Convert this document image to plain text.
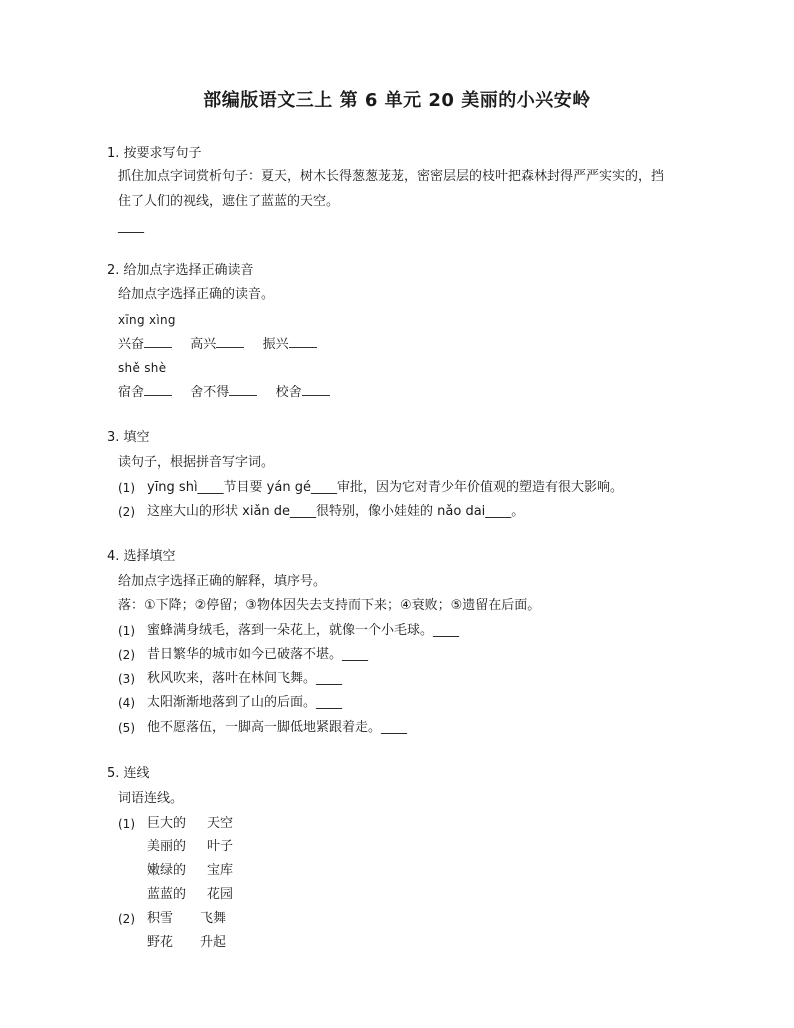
部编版语文三上 第 6 单元 20 美丽的小兴安岭
1. 按要求写句子
抓住加点字词赏析句子：夏天，树木长得葱葱茏茏，密密层层的枝叶把森林封得严严实实的，挡
住了人们的视线，遮住了蓝蓝的天空。
____
2. 给加点字选择正确读音
给加点字选择正确的读音。
xīng xìng
兴奋	高兴	振兴
shě shè
宿舍	舍不得	校舍
3. 填空
读句子，根据拼音写字词。
(1) yīng shì____节目要 yán gé____审批，因为它对青少年价值观的塑造有很大影响。
(2) 这座大山的形状 xiǎn de____很特别，像小娃娃的 nǎo dai____。
4. 选择填空
给加点字选择正确的解释，填序号。
落：①下降；②停留；③物体因失去支持而下来；④衰败；⑤遗留在后面。
(1) 蜜蜂满身绒毛，落到一朵花上，就像一个小毛球。____
(2) 昔日繁华的城市如今已破落不堪。____
(3) 秋风吹来，落叶在林间飞舞。____
(4) 太阳渐渐地落到了山的后面。____
(5) 他不愿落伍，一脚高一脚低地紧跟着走。____
5. 连线
词语连线。
(1) 巨大的 天空
美丽的 叶子
嫩绿的 宝库
蓝蓝的 花园
(2) 积雪 飞舞
野花 升起
